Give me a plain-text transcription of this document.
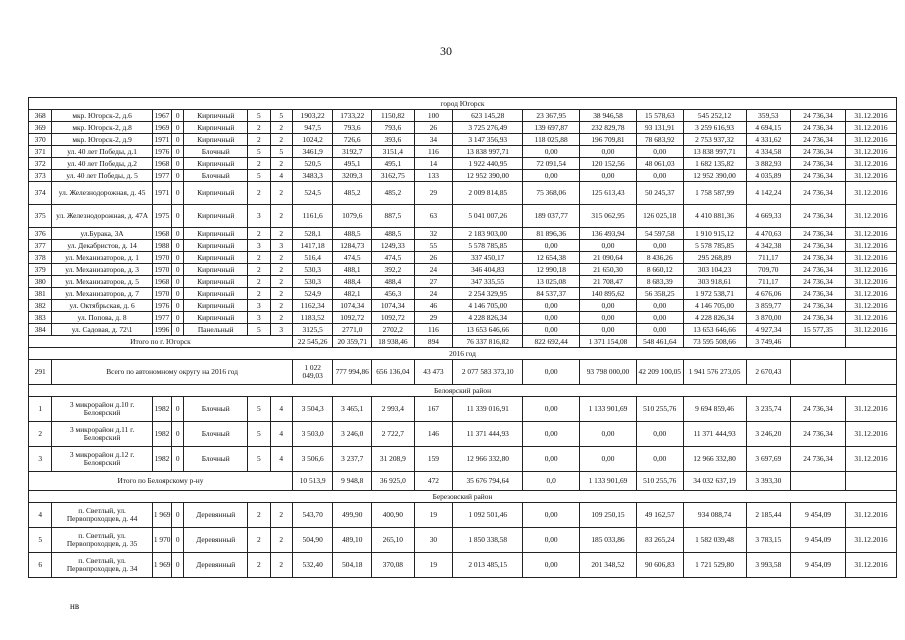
30
город Югорск																		
368	мкр. Югорск-2, д.6	1967	0	Кирпичный	5	5	1903,22	1733,22	1150,82	100	623 145,28	23 367,95	38 946,58	15 578,63	545 252,12	359,53	24 736,34	31.12.2016
369	мкр. Югорск-2, д.8	1969	0	Кирпичный	2	2	947,5	793,6	793,6	26	3 725 276,49	139 697,87	232 829,78	93 131,91	3 259 616,93	4 694,15	24 736,34	31.12.2016
370	мкр. Югорск-2, д.9	1971	0	Кирпичный	2	2	1024,2	726,6	393,6	34	3 147 356,93	118 025,88	196 709,81	78 683,92	2 753 937,32	4 331,62	24 736,34	31.12.2016
371	ул. 40 лет Победы, д.1	1976	0	Блочный	5	5	3461,9	3192,7	3151,4	116	13 838 997,71	0,00	0,00	0,00	13 838 997,71	4 334,58	24 736,34	31.12.2016
372	ул. 40 лет Победы, д.2	1968	0	Кирпичный	2	2	520,5	495,1	495,1	14	1 922 440,95	72 091,54	120 152,56	48 061,03	1 682 135,82	3 882,93	24 736,34	31.12.2016
373	ул. 40 лет Победы, д. 5	1977	0	Блочный	5	4	3483,3	3209,3	3162,75	133	12 952 390,00	0,00	0,00	0,00	12 952 390,00	4 035,89	24 736,34	31.12.2016
374	ул. Железнодорожная, д. 45	1971	0	Кирпичный	2	2	524,5	485,2	485,2	29	2 009 814,85	75 368,06	125 613,43	50 245,37	1 758 587,99	4 142,24	24 736,34	31.12.2016
375	ул. Железнодорожная, д. 47А	1975	0	Кирпичный	3	2	1161,6	1079,6	887,5	63	5 041 007,26	189 037,77	315 062,95	126 025,18	4 410 881,36	4 669,33	24 736,34	31.12.2016
376	ул.Бурака, 3А	1968	0	Кирпичный	2	2	528,1	488,5	488,5	32	2 183 903,00	81 896,36	136 493,94	54 597,58	1 910 915,12	4 470,63	24 736,34	31.12.2016
377	ул. Декабристов, д. 14	1988	0	Кирпичный	3	3	1417,18	1284,73	1249,33	55	5 578 785,85	0,00	0,00	0,00	5 578 785,85	4 342,38	24 736,34	31.12.2016
378	ул. Механизаторов, д. 1	1970	0	Кирпичный	2	2	516,4	474,5	474,5	26	337 450,17	12 654,38	21 090,64	8 436,26	295 268,89	711,17	24 736,34	31.12.2016
379	ул. Механизаторов, д. 3	1970	0	Кирпичный	2	2	530,3	488,1	392,2	24	346 404,83	12 990,18	21 650,30	8 660,12	303 104,23	709,70	24 736,34	31.12.2016
380	ул. Механизаторов, д. 5	1968	0	Кирпичный	2	2	530,3	488,4	488,4	27	347 335,55	13 025,08	21 708,47	8 683,39	303 918,61	711,17	24 736,34	31.12.2016
381	ул. Механизаторов, д. 7	1970	0	Кирпичный	2	2	524,9	482,1	456,3	24	2 254 329,95	84 537,37	140 895,62	56 358,25	1 972 538,71	4 676,06	24 736,34	31.12.2016
382	ул. Октябрьская, д. 6	1976	0	Кирпичный	3	2	1162,34	1074,34	1074,34	46	4 146 705,00	0,00	0,00	0,00	4 146 705,00	3 859,77	24 736,34	31.12.2016
383	ул. Попова, д. 8	1977	0	Кирпичный	3	2	1183,52	1092,72	1092,72	29	4 228 826,34	0,00	0,00	0,00	4 228 826,34	3 870,00	24 736,34	31.12.2016
384	ул. Садовая, д. 72\1	1996	0	Панельный	5	3	3125,5	2771,0	2702,2	116	13 653 646,66	0,00	0,00	0,00	13 653 646,66	4 927,34	15 577,35	31.12.2016
Итого по г. Югорск							22 545,26	20 359,71	18 938,46	894	76 337 816,82	822 692,44	1 371 154,08	548 461,64	73 595 508,66	3 749,46		
2016 год																		
291	Всего по автономному округу на 2016 год						1 022 049,03	777 994,86	656 136,04	43 473	2 077 583 373,10	0,00	93 798 000,00	42 209 100,05	1 941 576 273,05	2 670,43		
Белоярский район																		
1	3 микрорайон д.10 г. Белоярский	1982	0	Блочный	5	4	3 504,3	3 465,1	2 993,4	167	11 339 016,91	0,00	1 133 901,69	510 255,76	9 694 859,46	3 235,74	24 736,34	31.12.2016
2	3 микрорайон д.11 г. Белоярский	1982	0	Блочный	5	4	3 503,0	3 246,0	2 722,7	146	11 371 444,93	0,00	0,00	0,00	11 371 444,93	3 246,20	24 736,34	31.12.2016
3	3 микрорайон д.12 г. Белоярский	1982	0	Блочный	5	4	3 506,6	3 237,7	31 208,9	159	12 966 332,80	0,00	0,00	0,00	12 966 332,80	3 697,69	24 736,34	31.12.2016
Итого по Белоярскому р-ну							10 513,9	9 948,8	36 925,0	472	35 676 794,64	0,0	1 133 901,69	510 255,76	34 032 637,19	3 393,30		
Березовский район																		
4	п. Светлый, ул. Первопроходцев, д. 44	1 969	0	Деревянный	2	2	543,70	499,90	400,90	19	1 092 501,46	0,00	109 250,15	49 162,57	934 088,74	2 185,44	9 454,09	31.12.2016
5	п. Светлый, ул. Первопроходцев, д. 35	1 970	0	Деревянный	2	2	504,90	489,10	265,10	30	1 850 338,58	0,00	185 033,86	83 265,24	1 582 039,48	3 783,15	9 454,09	31.12.2016
6	п. Светлый, ул. Первопроходцев, д. 34	1 969	0	Деревянный	2	2	532,40	504,18	370,08	19	2 013 485,15	0,00	201 348,52	90 606,83	1 721 529,80	3 993,58	9 454,09	31.12.2016
нв
